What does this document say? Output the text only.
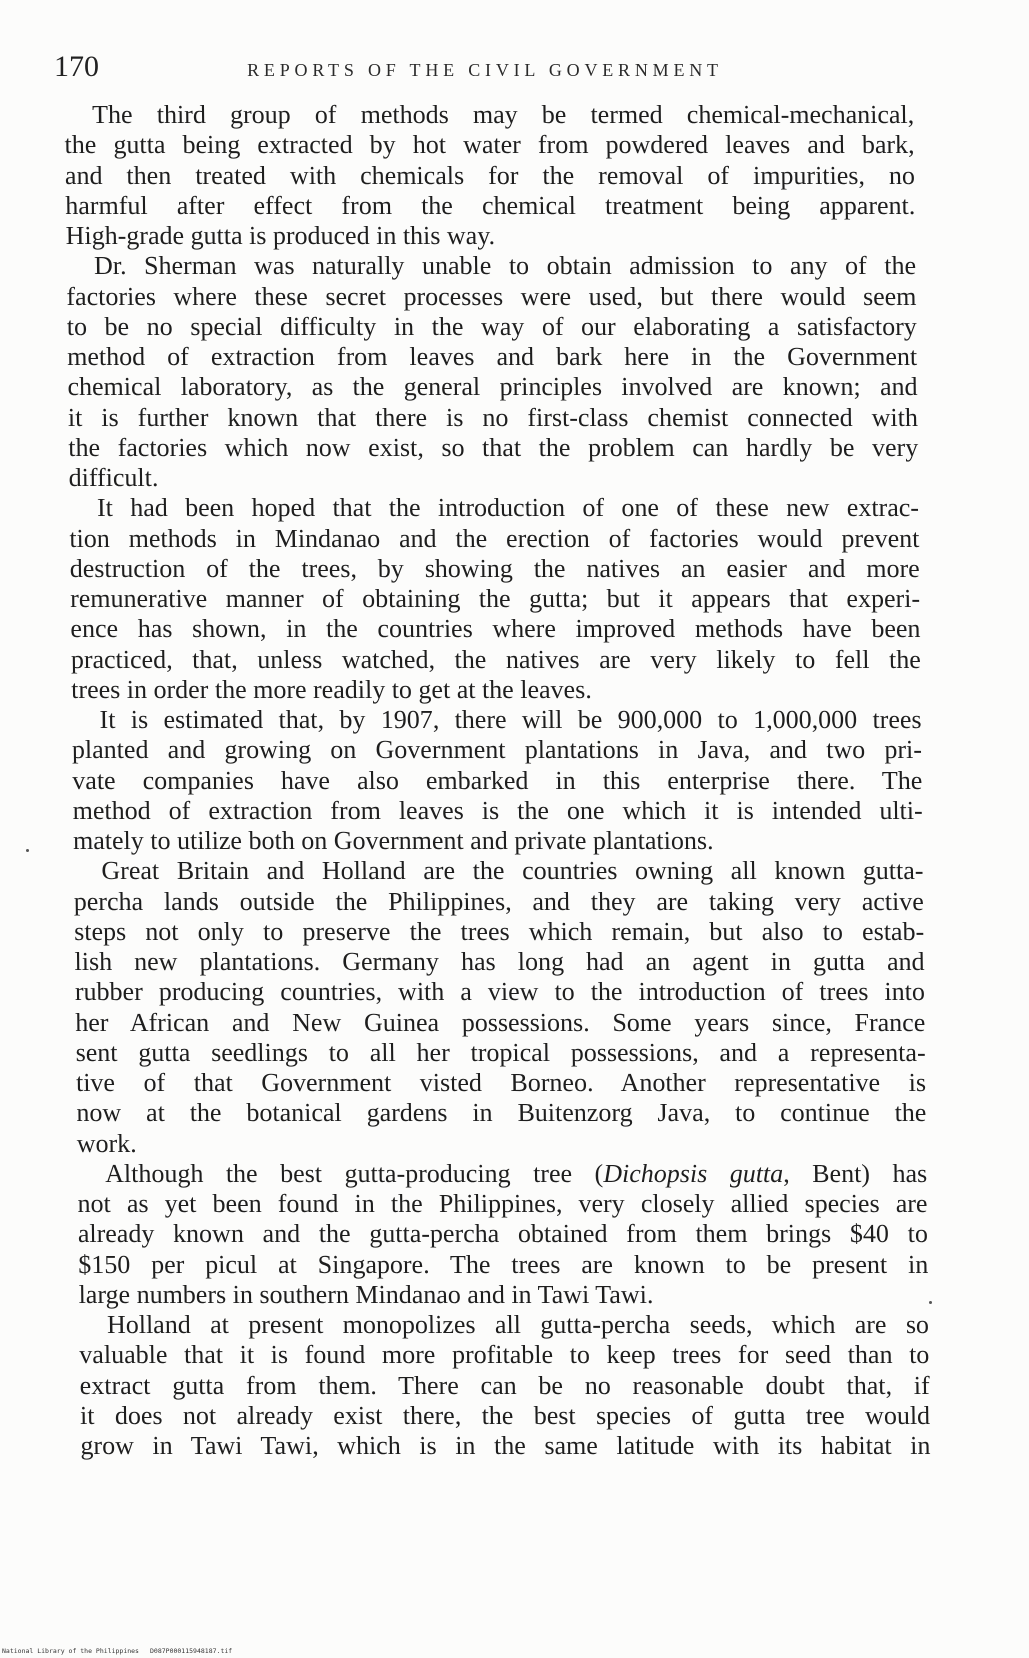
170	REPORTS OF THE CIVIL GOVERNMENT
The third group of methods may be termed chemical-mechanical,
the gutta being extracted by hot water from powdered leaves and bark,
and then treated with chemicals for the removal of impurities, no
harmful after effect from the chemical treatment being apparent.
High-grade gutta is produced in this way.
Dr. Sherman was naturally unable to obtain admission to any of the
factories where these secret processes were used, but there would seem
to be no special difficulty in the way of our elaborating a satisfactory
method of extraction from leaves and bark here in the Government
chemical laboratory, as the general principles involved are known; and
it is further known that there is no first-class chemist connected with
the factories which now exist, so that the problem can hardly be very
difficult.
It had been hoped that the introduction of one of these new extrac-
tion methods in Mindanao and the erection of factories would prevent
destruction of the trees, by showing the natives an easier and more
remunerative manner of obtaining the gutta; but it appears that experi-
ence has shown, in the countries where improved methods have been
practiced, that, unless watched, the natives are very likely to fell the
trees in order the more readily to get at the leaves.
It is estimated that, by 1907, there will be 900,000 to 1,000,000 trees
planted and growing on Government plantations in Java, and two pri-
vate companies have also embarked in this enterprise there. The
method of extraction from leaves is the one which it is intended ulti-
mately to utilize both on Government and private plantations.
Great Britain and Holland are the countries owning all known gutta-
percha lands outside the Philippines, and they are taking very active
steps not only to preserve the trees which remain, but also to estab-
lish new plantations. Germany has long had an agent in gutta and
rubber producing countries, with a view to the introduction of trees into
her African and New Guinea possessions. Some years since, France
sent gutta seedlings to all her tropical possessions, and a representa-
tive of that Government visted Borneo. Another representative is
now at the botanical gardens in Buitenzorg Java, to continue the
work.
Although the best gutta-producing tree (Dichopsis gutta, Bent) has
not as yet been found in the Philippines, very closely allied species are
already known and the gutta-percha obtained from them brings $40 to
$150 per picul at Singapore. The trees are known to be present in
large numbers in southern Mindanao and in Tawi Tawi.
Holland at present monopolizes all gutta-percha seeds, which are so
valuable that it is found more profitable to keep trees for seed than to
extract gutta from them. There can be no reasonable doubt that, if
it does not already exist there, the best species of gutta tree would
grow in Tawi Tawi, which is in the same latitude with its habitat in
National Library of the Philippines D087P000115948187.tif
